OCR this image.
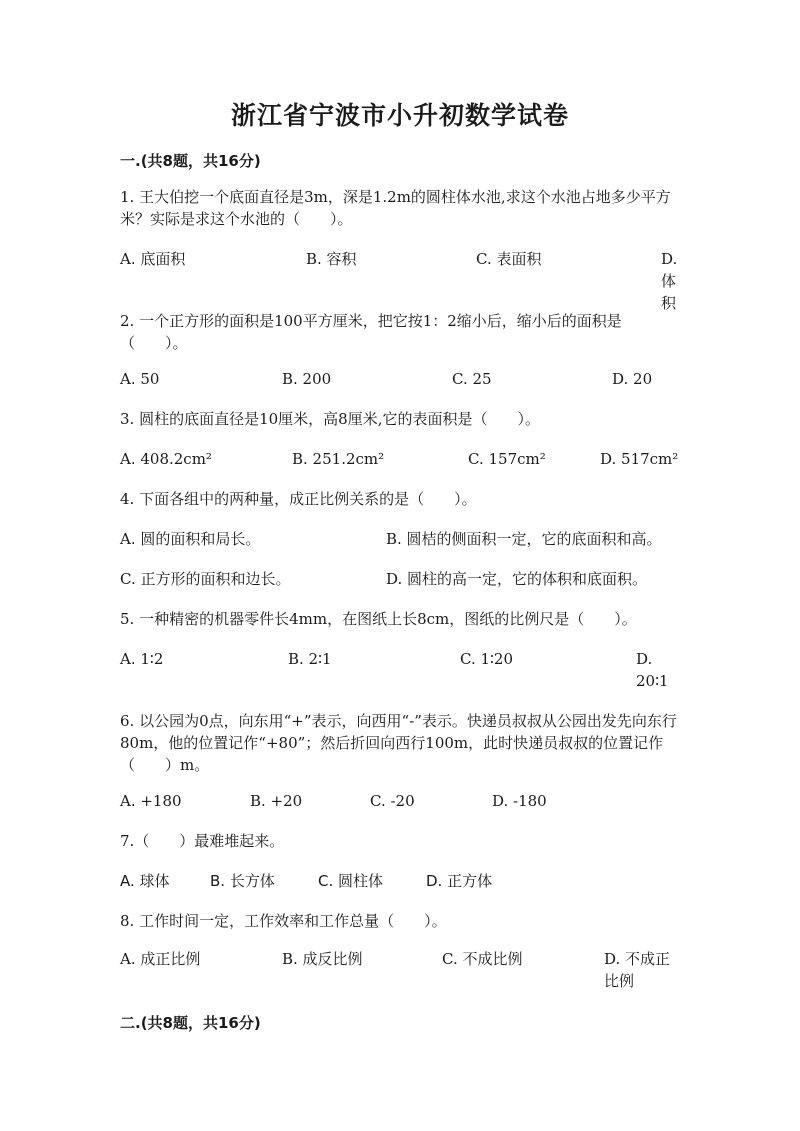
浙江省宁波市小升初数学试卷
一.(共8题，共16分)
1. 王大伯挖一个底面直径是3m，深是1.2m的圆柱体水池,求这个水池占地多少平方米？实际是求这个水池的（　　）。
A. 底面积	B. 容积	C. 表面积	D. 体积
2. 一个正方形的面积是100平方厘米，把它按1：2缩小后，缩小后的面积是（　　）。
A. 50	B. 200	C. 25	D. 20
3. 圆柱的底面直径是10厘米，高8厘米,它的表面积是（　　）。
A. 408.2cm²	B. 251.2cm²	C. 157cm²	D. 517cm²
4. 下面各组中的两种量，成正比例关系的是（　　）。
A. 圆的面积和局长。	B. 圆桔的侧面积一定，它的底面积和高。
C. 正方形的面积和边长。	D. 圆柱的高一定，它的体积和底面积。
5. 一种精密的机器零件长4mm，在图纸上长8cm，图纸的比例尺是（　　）。
A. 1∶2	B. 2∶1	C. 1∶20	D. 20∶1
6. 以公园为0点，向东用“+”表示，向西用“-”表示。快递员叔叔从公园出发先向东行80m，他的位置记作“+80”；然后折回向西行100m，此时快递员叔叔的位置记作（　　）m。
A. +180	B. +20	C. -20	D. -180
7.（　　）最难堆起来。
A. 球体	B. 长方体	C. 圆柱体	D. 正方体
8. 工作时间一定，工作效率和工作总量（　　）。
A. 成正比例	B. 成反比例	C. 不成比例	D. 不成正比例
二.(共8题，共16分)
